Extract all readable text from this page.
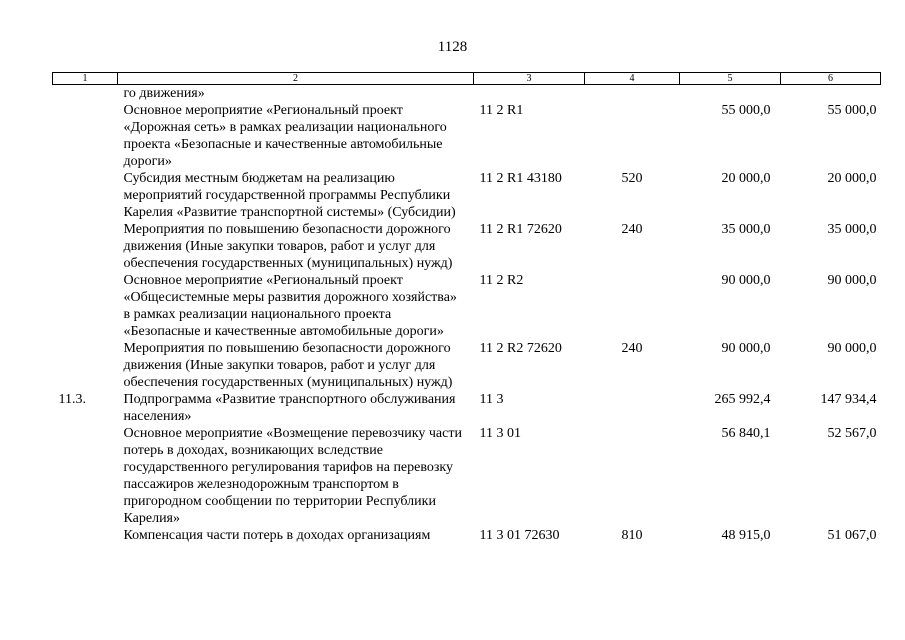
1128
1	2	3	4	5	6
	го движения»				
	Основное мероприятие «Региональный проект «Дорожная сеть» в рамках реализации национального проекта «Безопасные и качественные автомобильные дороги»	11 2 R1		55 000,0	55 000,0
	Субсидия местным бюджетам на реализацию мероприятий государственной программы Республики Карелия «Развитие транспортной системы» (Субсидии)	11 2 R1 43180	520	20 000,0	20 000,0
	Мероприятия по повышению безопасности дорожного движения (Иные закупки товаров, работ и услуг для обеспечения государственных (муниципальных) нужд)	11 2 R1 72620	240	35 000,0	35 000,0
	Основное мероприятие «Региональный проект «Общесистемные меры развития дорожного хозяйства» в рамках реализации национального проекта «Безопасные и качественные автомобильные дороги»	11 2 R2		90 000,0	90 000,0
	Мероприятия по повышению безопасности дорожного движения (Иные закупки товаров, работ и услуг для обеспечения государственных (муниципальных) нужд)	11 2 R2 72620	240	90 000,0	90 000,0
11.3.	Подпрограмма «Развитие транспортного обслуживания населения»	11 3		265 992,4	147 934,4
	Основное мероприятие «Возмещение перевозчику части потерь в доходах, возникающих вследствие государственного регулирования тарифов на перевозку пассажиров железнодорожным транспортом в пригородном сообщении по территории Республики Карелия»	11 3 01		56 840,1	52 567,0
	Компенсация части потерь в доходах организациям	11 3 01 72630	810	48 915,0	51 067,0
